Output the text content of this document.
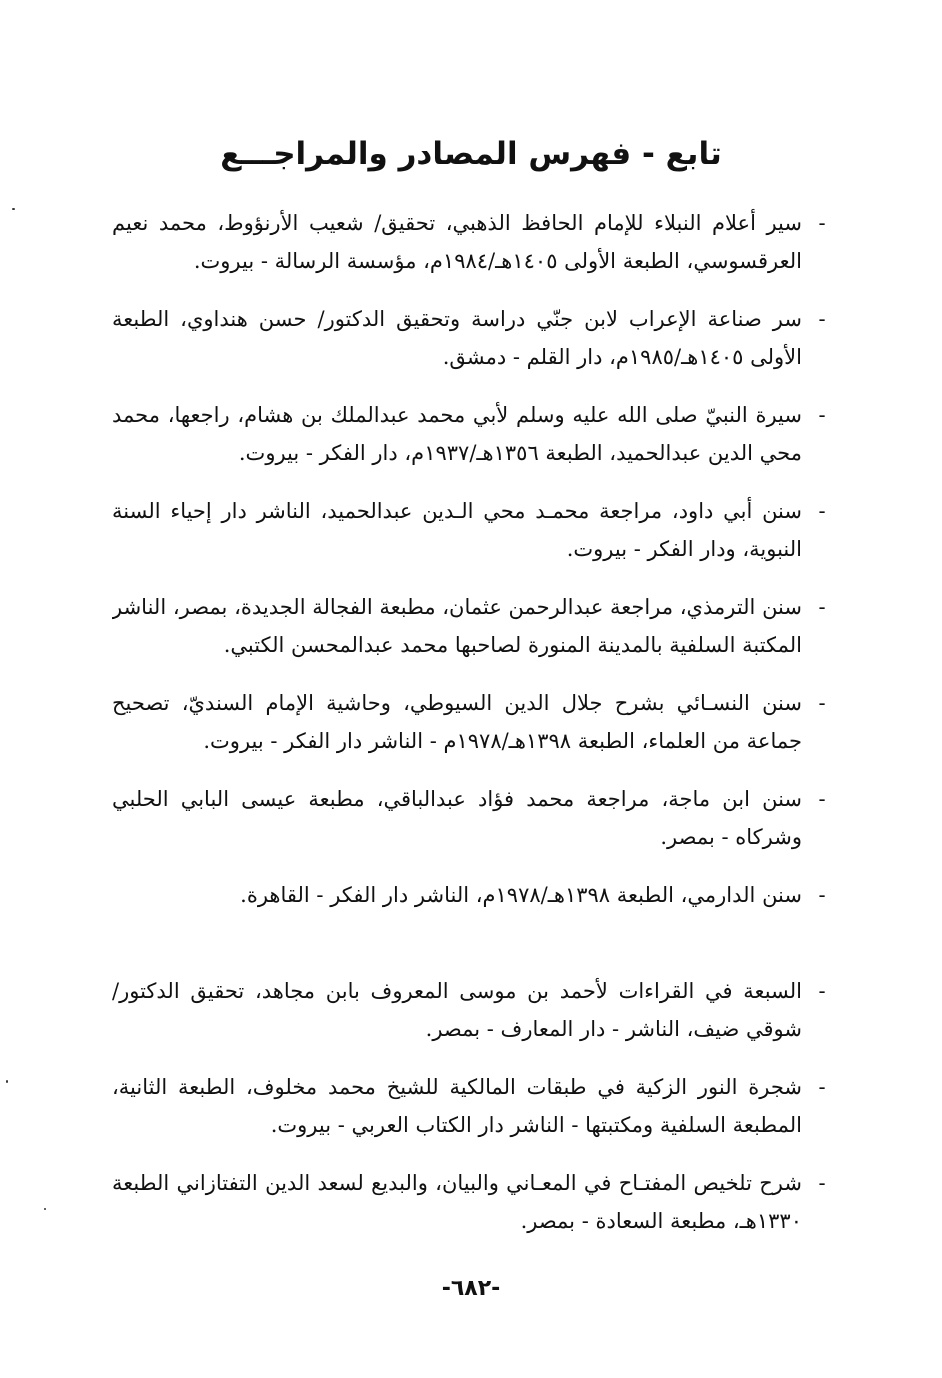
تابع - فهرس المصادر والمراجـــع
-
سير أعلام النبلاء للإمام الحافظ الذهبي، تحقيق/ شعيب الأرنؤوط، محمد نعيم العرقسوسي، الطبعة الأولى ١٤٠٥هـ/١٩٨٤م، مؤسسة الرسالة - بيروت.
-
سر صناعة الإعراب لابن جنّي دراسة وتحقيق الدكتور/ حسن هنداوي، الطبعة الأولى ١٤٠٥هـ/١٩٨٥م، دار القلم - دمشق.
-
سيرة النبيّ صلى الله عليه وسلم لأبي محمد عبدالملك بن هشام، راجعها، محمد محي الدين عبدالحميد، الطبعة ١٣٥٦هـ/١٩٣٧م، دار الفكر - بيروت.
-
سنن أبي داود، مراجعة محمـد محي الـدين عبدالحميد، الناشر دار إحياء السنة النبوية، ودار الفكر - بيروت.
-
سنن الترمذي، مراجعة عبدالرحمن عثمان، مطبعة الفجالة الجديدة، بمصر، الناشر المكتبة السلفية بالمدينة المنورة لصاحبها محمد عبدالمحسن الكتبي.
-
سنن النسـائي بشرح جلال الدين السيوطي، وحاشية الإمام السنديّ، تصحيح جماعة من العلماء، الطبعة ١٣٩٨هـ/١٩٧٨م - الناشر دار الفكر - بيروت.
-
سنن ابن ماجة، مراجعة محمد فؤاد عبدالباقي، مطبعة عيسى البابي الحلبي وشركاه - بمصر.
-
سنن الدارمي، الطبعة ١٣٩٨هـ/١٩٧٨م، الناشر دار الفكر - القاهرة.
-
السبعة في القراءات لأحمد بن موسى المعروف بابن مجاهد، تحقيق الدكتور/ شوقي ضيف، الناشر - دار المعارف - بمصر.
-
شجرة النور الزكية في طبقات المالكية للشيخ محمد مخلوف، الطبعة الثانية، المطبعة السلفية ومكتبتها - الناشر دار الكتاب العربي - بيروت.
-
شرح تلخيص المفتـاح في المعـاني والبيان، والبديع لسعد الدين التفتازاني الطبعة ١٣٣٠هـ، مطبعة السعادة - بمصر.
-٦٨٢-
